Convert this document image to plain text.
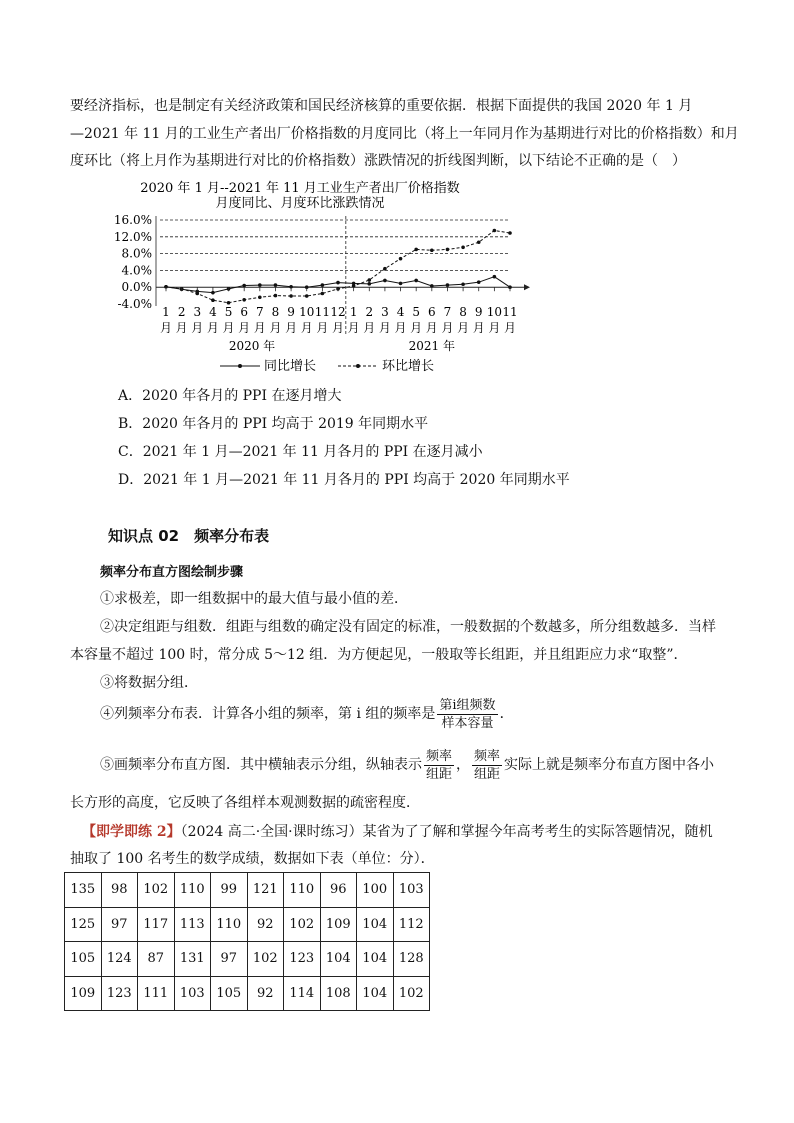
要经济指标，也是制定有关经济政策和国民经济核算的重要依据．根据下面提供的我国 2020 年 1 月
—2021 年 11 月的工业生产者出厂价格指数的月度同比（将上一年同月作为基期进行对比的价格指数）和月
度环比（将上月作为基期进行对比的价格指数）涨跌情况的折线图判断，以下结论不正确的是（　）
2020 年 1 月--2021 年 11 月工业生产者出厂价格指数
月度同比、月度环比涨跌情况
16.0%
12.0%
8.0%
4.0%
0.0%
-4.0%
1 月
2 月
3 月
4 月
5 月
6 月
7 月
8 月
9 月
10 月
11 月
12 月
1 月
2 月
3 月
4 月
5 月
6 月
7 月
8 月
9 月
10 月
11 月
2020 年	2021 年
同比增长	环比增长
A．2020 年各月的 PPI 在逐月增大
B．2020 年各月的 PPI 均高于 2019 年同期水平
C．2021 年 1 月—2021 年 11 月各月的 PPI 在逐月减小
D．2021 年 1 月—2021 年 11 月各月的 PPI 均高于 2020 年同期水平
知识点 02　频率分布表
频率分布直方图绘制步骤
①求极差，即一组数据中的最大值与最小值的差．
②决定组距与组数．组距与组数的确定没有固定的标准，一般数据的个数越多，所分组数越多．当样
本容量不超过 100 时，常分成 5～12 组．为方便起见，一般取等长组距，并且组距应力求“取整”．
③将数据分组．
④列频率分布表．计算各小组的频率，第 i 组的频率是 $\frac{\text{第i组频数}}{\text{样本容量}}$ ．
⑤画频率分布直方图．其中横轴表示分组，纵轴表示 $\frac{\text{频率}}{\text{组距}}$ ， $\frac{\text{频率}}{\text{组距}}$ 实际上就是频率分布直方图中各小
长方形的高度，它反映了各组样本观测数据的疏密程度．
【即学即练 2】（2024 高二·全国·课时练习）某省为了了解和掌握今年高考考生的实际答题情况，随机
抽取了 100 名考生的数学成绩，数据如下表（单位：分）．
135	98	102	110	99	121	110	96	100	103
125	97	117	113	110	92	102	109	104	112
105	124	87	131	97	102	123	104	104	128
109	123	111	103	105	92	114	108	104	102
